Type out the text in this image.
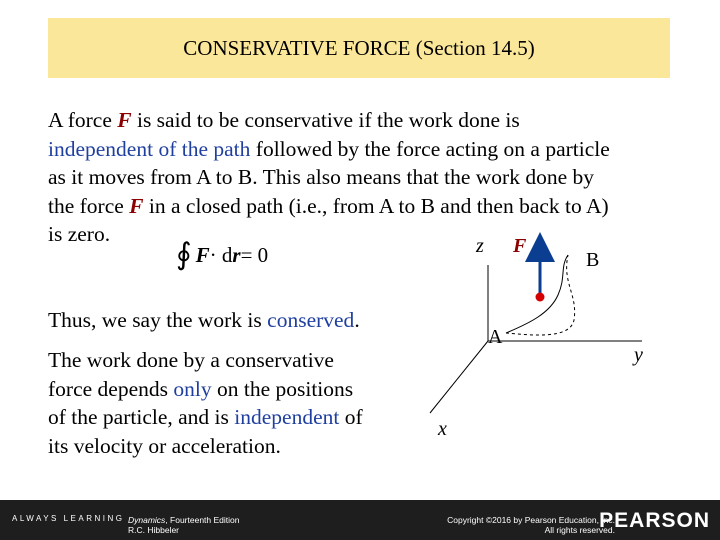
CONSERVATIVE FORCE (Section 14.5)
A force F is said to be conservative if the work done is
independent of the path followed by the force acting on a particle
as it moves from A to B. This also means that the work done by
the force F in a closed path (i.e., from A to B and then back to A)
is zero.
∮ F · d r = 0
Thus, we say the work is conserved.
The work done by a conservative
force depends only on the positions
of the particle, and is independent of
its velocity or acceleration.
z F
B
A
y
x
ALWAYS LEARNING Dynamics, Fourteenth Edition
R.C. Hibbeler
Copyright ©2016 by Pearson Education, Inc.
All rights reserved.
PEARSON
